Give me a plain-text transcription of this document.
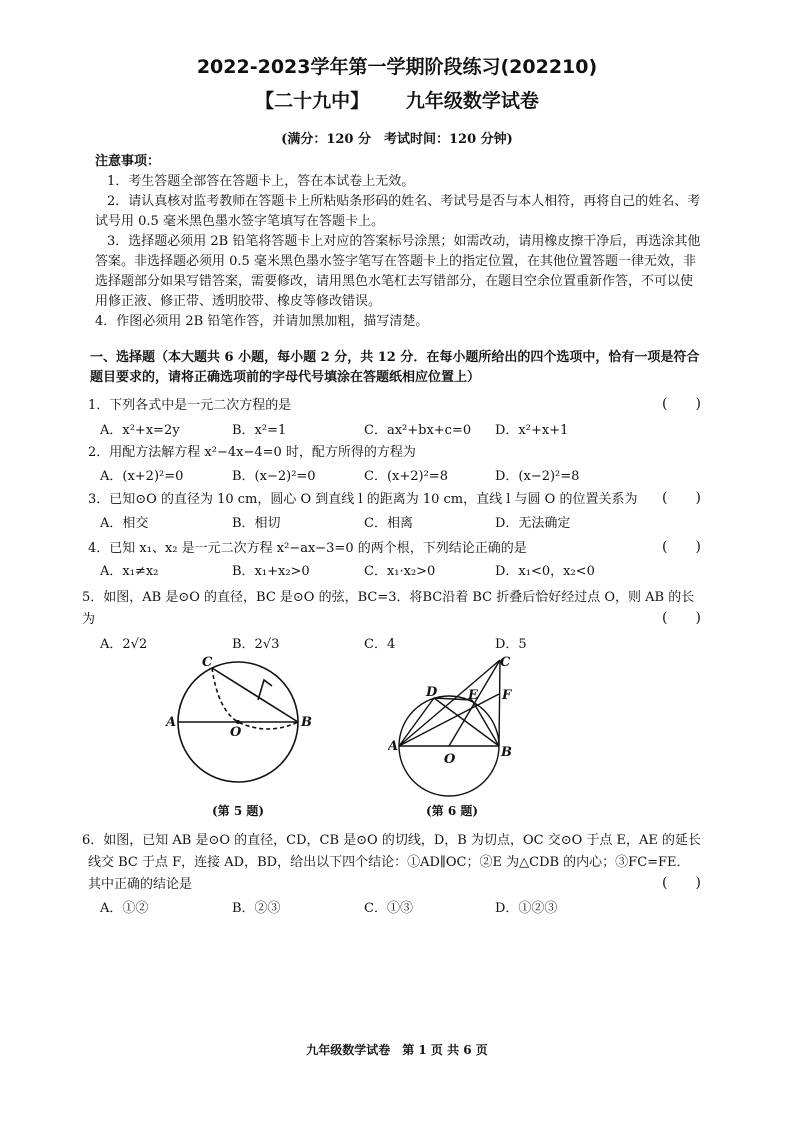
2022-2023学年第一学期阶段练习(202210)
【二十九中】 九年级数学试卷
(满分：120 分　考试时间：120 分钟)
注意事项：
1．考生答题全部答在答题卡上，答在本试卷上无效。
2．请认真核对监考教师在答题卡上所粘贴条形码的姓名、考试号是否与本人相符，再将自己的姓名、考
试号用 0.5 毫米黑色墨水签字笔填写在答题卡上。
3．选择题必须用 2B 铅笔将答题卡上对应的答案标号涂黑；如需改动，请用橡皮擦干净后，再选涂其他
答案。非选择题必须用 0.5 毫米黑色墨水签字笔写在答题卡上的指定位置，在其他位置答题一律无效，非
选择题部分如果写错答案，需要修改，请用黑色水笔杠去写错部分，在题目空余位置重新作答，不可以使
用修正液、修正带、透明胶带、橡皮等修改错误。
4．作图必须用 2B 铅笔作答，并请加黑加粗，描写清楚。
一、选择题（本大题共 6 小题，每小题 2 分，共 12 分．在每小题所给出的四个选项中，恰有一项是符合
题目要求的，请将正确选项前的字母代号填涂在答题纸相应位置上）
1．下列各式中是一元二次方程的是	(　　)
A．x²+x=2y	B．x²=1	C．ax²+bx+c=0 D．x²+x+1
2．用配方法解方程 x²−4x−4=0 时，配方所得的方程为
A．(x+2)²=0	B．(x−2)²=0	C．(x+2)²=8	D．(x−2)²=8
3．已知⊙O 的直径为 10 cm，圆心 O 到直线 l 的距离为 10 cm，直线 l 与圆 O 的位置关系为 (　　)
A．相交	B．相切	C．相离	D．无法确定
4．已知 x₁、x₂ 是一元二次方程 x²−ax−3=0 的两个根，下列结论正确的是	(　　)
A．x₁≠x₂	B．x₁+x₂>0	C．x₁·x₂>0	D．x₁<0，x₂<0
5．如图，AB 是⊙O 的直径，BC 是⊙O 的弦，BC=3．将BC沿着 BC 折叠后恰好经过点 O，则 AB 的长
为	(　　)
A．2√2	B．2√3	C．4	D．5
C
A
O
B
(第 5 题)
C
D E F
A
O	B
(第 6 题)
6．如图，已知 AB 是⊙O 的直径，CD，CB 是⊙O 的切线，D，B 为切点，OC 交⊙O 于点 E，AE 的延长
线交 BC 于点 F，连接 AD，BD，给出以下四个结论：①AD∥OC；②E 为△CDB 的内心；③FC=FE．
其中正确的结论是	(　　)
A．①②	B．②③	C．①③	D．①②③
九年级数学试卷　第 1 页 共 6 页
